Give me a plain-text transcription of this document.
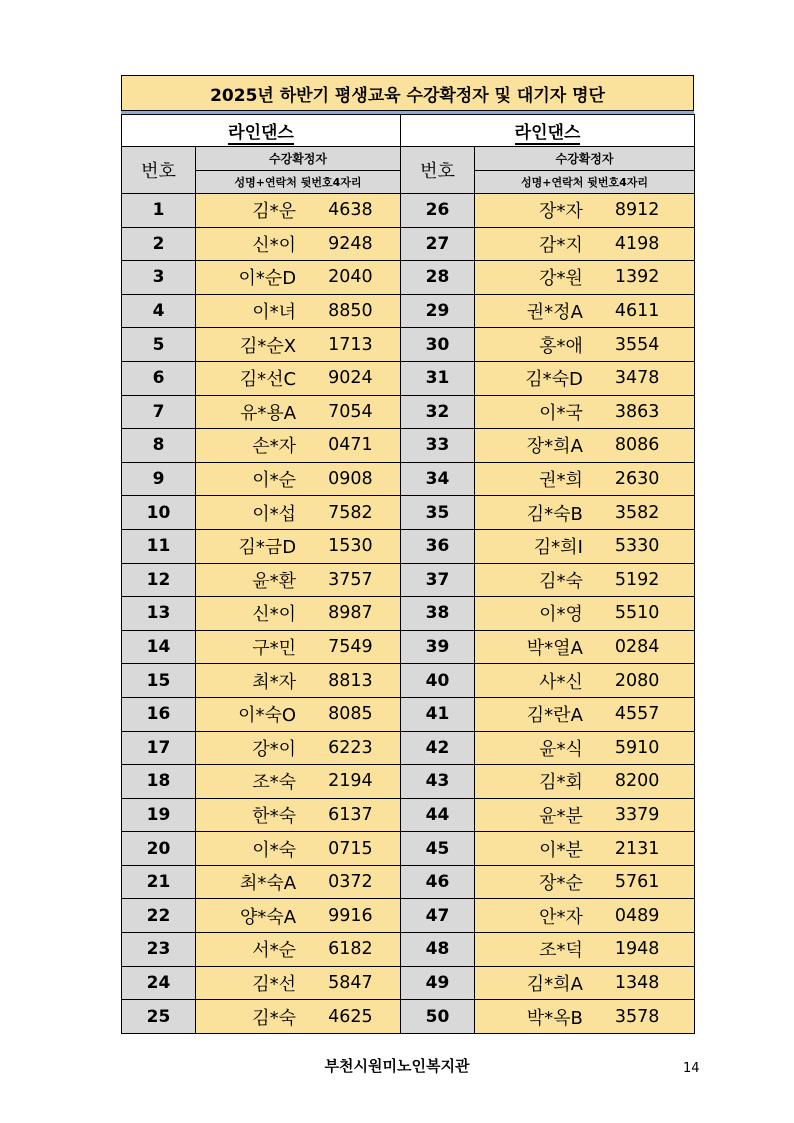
2025년 하반기 평생교육 수강확정자 및 대기자 명단
라인댄스		라인댄스	
번호	수강확정자	번호	수강확정자
	성명+연락처 뒷번호4자리		성명+연락처 뒷번호4자리
1	김*운 4638	26	장*자 8912

2	신*이 9248	27	감*지 4198

3	이*순D 2040	28	강*원 1392

4	이*녀 8850	29	권*정A 4611

5	김*순X 1713	30	홍*애 3554

6	김*선C 9024	31	김*숙D 3478

7	유*용A 7054	32	이*국 3863

8	손*자 0471	33	장*희A 8086

9	이*순 0908	34	권*희 2630

10	이*섭 7582	35	김*숙B 3582

11	김*금D 1530	36	김*희I 5330

12	윤*환 3757	37	김*숙 5192

13	신*이 8987	38	이*영 5510

14	구*민 7549	39	박*열A 0284

15	최*자 8813	40	사*신 2080

16	이*숙O 8085	41	김*란A 4557

17	강*이 6223	42	윤*식 5910

18	조*숙 2194	43	김*회 8200

19	한*숙 6137	44	윤*분 3379

20	이*숙 0715	45	이*분 2131

21	최*숙A 0372	46	장*순 5761

22	양*숙A 9916	47	안*자 0489

23	서*순 6182	48	조*덕 1948

24	김*선 5847	49	김*희A 1348

25	김*숙 4625	50	박*옥B 3578
부천시원미노인복지관	14
